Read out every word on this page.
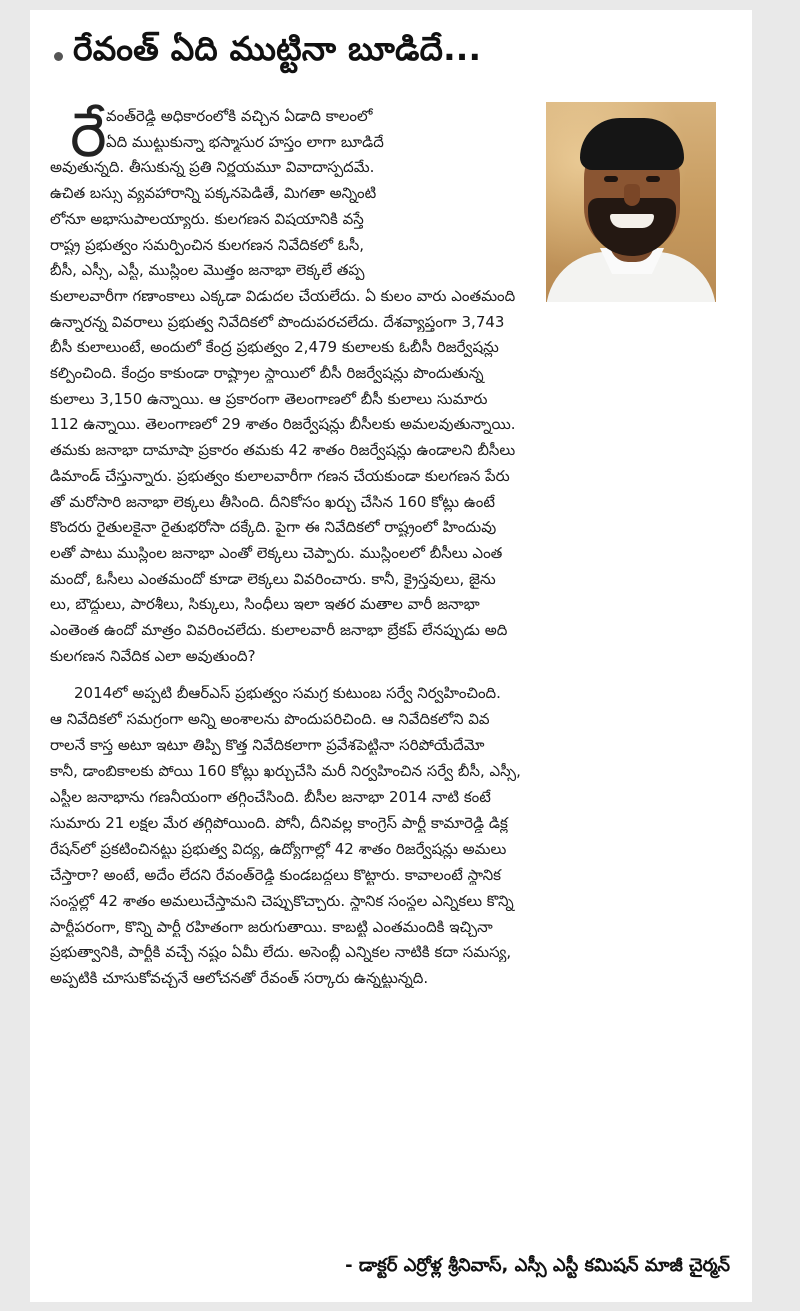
రేవంత్ ఏది ముట్టినా బూడిదే...
రే వంత్‌రెడ్డి అధికారంలోకి వచ్చిన ఏడాది కాలంలో
ఏది ముట్టుకున్నా భస్మాసుర హస్తం లాగా బూడిదే
అవుతున్నది. తీసుకున్న ప్రతి నిర్ణయమూ వివాదాస్పదమే.
ఉచిత బస్సు వ్యవహారాన్ని పక్కనపెడితే, మిగతా అన్నింటి
లోనూ అభాసుపాలయ్యారు. కులగణన విషయానికి వస్తే
రాష్ట్ర ప్రభుత్వం సమర్పించిన కులగణన నివేదికలో ఓసీ,
బీసీ, ఎస్సీ, ఎస్టీ, ముస్లింల మొత్తం జనాభా లెక్కలే తప్ప
కులాలవారీగా గణాంకాలు ఎక్కడా విడుదల చేయలేదు. ఏ కులం వారు ఎంతమంది
ఉన్నారన్న వివరాలు ప్రభుత్వ నివేదికలో పొందుపరచలేదు. దేశవ్యాప్తంగా 3,743
బీసీ కులాలుంటే, అందులో కేంద్ర ప్రభుత్వం 2,479 కులాలకు ఓబీసీ రిజర్వేషన్లు
కల్పించింది. కేంద్రం కాకుండా రాష్ట్రాల స్థాయిలో బీసీ రిజర్వేషన్లు పొందుతున్న
కులాలు 3,150 ఉన్నాయి. ఆ ప్రకారంగా తెలంగాణలో బీసీ కులాలు సుమారు
112 ఉన్నాయి. తెలంగాణలో 29 శాతం రిజర్వేషన్లు బీసీలకు అమలవుతున్నాయి.
తమకు జనాభా దామాషా ప్రకారం తమకు 42 శాతం రిజర్వేషన్లు ఉండాలని బీసీలు
డిమాండ్ చేస్తున్నారు. ప్రభుత్వం కులాలవారీగా గణన చేయకుండా కులగణన పేరు
తో మరోసారి జనాభా లెక్కలు తీసింది. దీనికోసం ఖర్చు చేసిన 160 కోట్లు ఉంటే
కొందరు రైతులకైనా రైతుభరోసా దక్కేది. పైగా ఈ నివేదికలో రాష్ట్రంలో హిందువు
లతో పాటు ముస్లింల జనాభా ఎంతో లెక్కలు చెప్పారు. ముస్లింలలో బీసీలు ఎంత
మందో, ఓసీలు ఎంతమందో కూడా లెక్కలు వివరించారు. కానీ, క్రైస్తవులు, జైను
లు, బౌద్ధులు, పారశీలు, సిక్కులు, సింధీలు ఇలా ఇతర మతాల వారీ జనాభా
ఎంతెంత ఉందో మాత్రం వివరించలేదు. కులాలవారీ జనాభా బ్రేకప్ లేనప్పుడు అది
కులగణన నివేదిక ఎలా అవుతుంది?
2014లో అప్పటి బీఆర్ఎస్ ప్రభుత్వం సమగ్ర కుటుంబ సర్వే నిర్వహించింది.
ఆ నివేదికలో సమగ్రంగా అన్ని అంశాలను పొందుపరిచింది. ఆ నివేదికలోని వివ
రాలనే కాస్త అటూ ఇటూ తిప్పి కొత్త నివేదికలాగా ప్రవేశపెట్టినా సరిపోయేదేమో
కానీ, డాంబికాలకు పోయి 160 కోట్లు ఖర్చుచేసి మరీ నిర్వహించిన సర్వే బీసీ, ఎస్సీ,
ఎస్టీల జనాభాను గణనీయంగా తగ్గించేసింది. బీసీల జనాభా 2014 నాటి కంటే
సుమారు 21 లక్షల మేర తగ్గిపోయింది. పోనీ, దీనివల్ల కాంగ్రెస్ పార్టీ కామారెడ్డి డిక్ల
రేషన్‌లో ప్రకటించినట్టు ప్రభుత్వ విద్య, ఉద్యోగాల్లో 42 శాతం రిజర్వేషన్లు అమలు
చేస్తారా? అంటే, అదేం లేదని రేవంత్‌రెడ్డి కుండబద్దలు కొట్టారు. కావాలంటే స్థానిక
సంస్థల్లో 42 శాతం అమలుచేస్తామని చెప్పుకొచ్చారు. స్థానిక సంస్థల ఎన్నికలు కొన్ని
పార్టీపరంగా, కొన్ని పార్టీ రహితంగా జరుగుతాయి. కాబట్టి ఎంతమందికి ఇచ్చినా
ప్రభుత్వానికి, పార్టీకి వచ్చే నష్టం ఏమీ లేదు. అసెంబ్లీ ఎన్నికల నాటికి కదా సమస్య,
అప్పటికి చూసుకోవచ్చనే ఆలోచనతో రేవంత్ సర్కారు ఉన్నట్టున్నది.
- డాక్టర్ ఎర్రోళ్ల శ్రీనివాస్, ఎస్సీ ఎస్టీ కమిషన్ మాజీ చైర్మన్
